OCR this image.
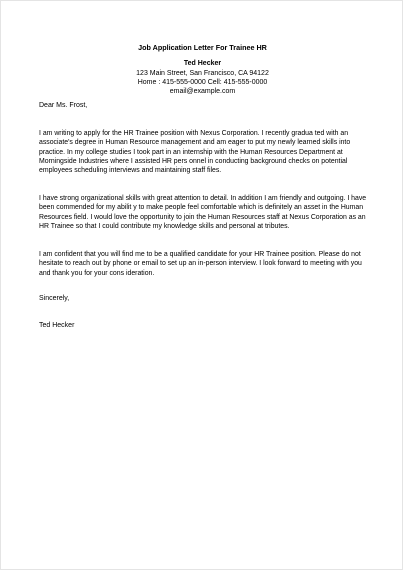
Job Application Letter For Trainee HR
Ted Hecker
123 Main Street, San Francisco, CA 94122
Home : 415-555-0000 Cell: 415-555-0000
email@example.com
Dear Ms. Frost,

I am writing to apply for the HR Trainee position with Nexus Corporation. I recently gradua ted with an associate's degree in Human Resource management and am eager to put my newly learned skills into practice. In my college studies I took part in an internship with the Human Resources Department at Morningside Industries where I assisted HR pers onnel in conducting background checks on potential employees scheduling interviews and maintaining staff files.

I have strong organizational skills with great attention to detail. In addition I am friendly and outgoing. I have been commended for my abilit y to make people feel comfortable which is definitely an asset in the Human Resources field. I would love the opportunity to join the Human Resources staff at Nexus Corporation as an HR Trainee so that I could contribute my knowledge skills and personal at tributes.

I am confident that you will find me to be a qualified candidate for your HR Trainee position. Please do not hesitate to reach out by phone or email to set up an in-person interview. I look forward to meeting with you and thank you for your cons ideration.

Sincerely,
Ted Hecker
